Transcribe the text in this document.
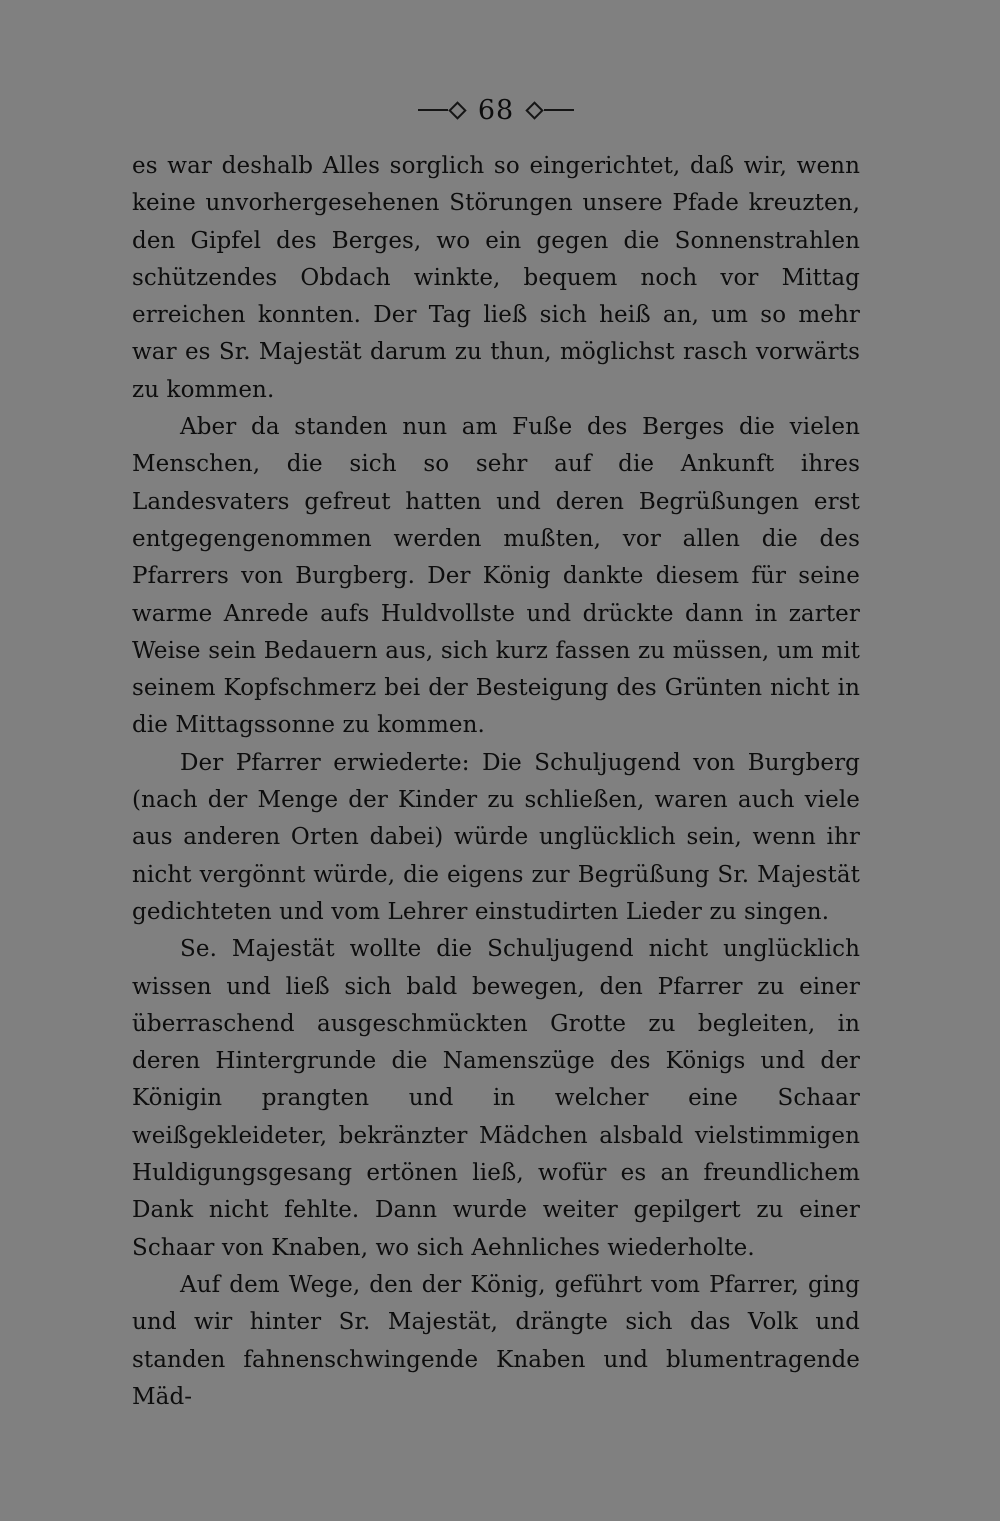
68

es war deshalb Alles sorglich so eingerichtet, daß wir, wenn keine unvorhergesehenen Störungen unsere Pfade kreuzten, den Gipfel des Berges, wo ein gegen die Sonnenstrahlen schützendes Obdach winkte, bequem noch vor Mittag erreichen konnten. Der Tag ließ sich heiß an, um so mehr war es Sr. Majestät darum zu thun, möglichst rasch vorwärts zu kommen.

Aber da standen nun am Fuße des Berges die vielen Menschen, die sich so sehr auf die Ankunft ihres Landesvaters gefreut hatten und deren Begrüßungen erst entgegengenommen werden mußten, vor allen die des Pfarrers von Burgberg. Der König dankte diesem für seine warme Anrede aufs Huldvollste und drückte dann in zarter Weise sein Bedauern aus, sich kurz fassen zu müssen, um mit seinem Kopfschmerz bei der Besteigung des Grünten nicht in die Mittagssonne zu kommen.

Der Pfarrer erwiederte: Die Schuljugend von Burgberg (nach der Menge der Kinder zu schließen, waren auch viele aus anderen Orten dabei) würde unglücklich sein, wenn ihr nicht vergönnt würde, die eigens zur Begrüßung Sr. Majestät gedichteten und vom Lehrer einstudirten Lieder zu singen.

Se. Majestät wollte die Schuljugend nicht unglücklich wissen und ließ sich bald bewegen, den Pfarrer zu einer überraschend ausgeschmückten Grotte zu begleiten, in deren Hintergrunde die Namenszüge des Königs und der Königin prangten und in welcher eine Schaar weißgekleideter, bekränzter Mädchen alsbald vielstimmigen Huldigungsgesang ertönen ließ, wofür es an freundlichem Dank nicht fehlte. Dann wurde weiter gepilgert zu einer Schaar von Knaben, wo sich Aehnliches wiederholte.

Auf dem Wege, den der König, geführt vom Pfarrer, ging und wir hinter Sr. Majestät, drängte sich das Volk und standen fahnenschwingende Knaben und blumentragende Mäd-
